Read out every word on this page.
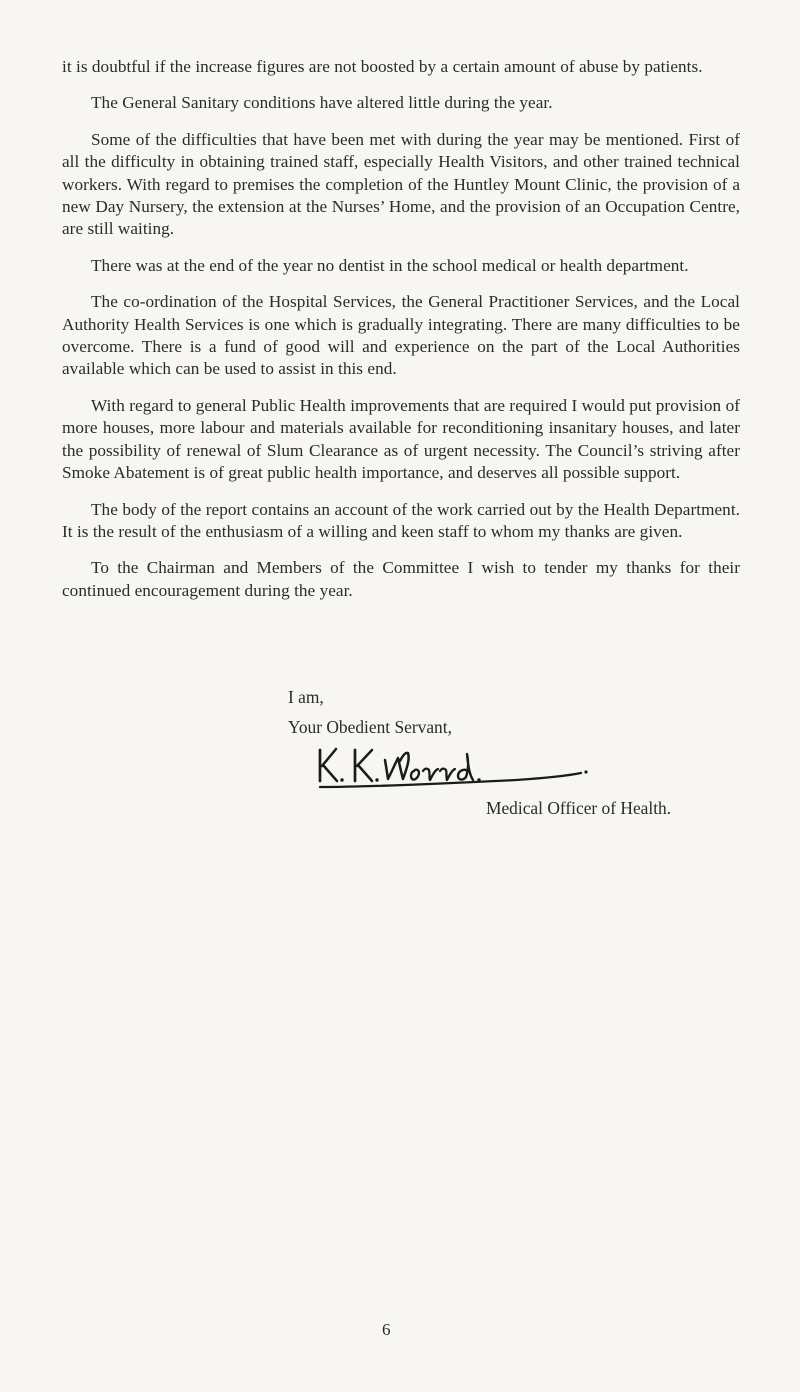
it is doubtful if the increase figures are not boosted by a certain amount of abuse by patients.

The General Sanitary conditions have altered little during the year.

Some of the difficulties that have been met with during the year may be mentioned. First of all the difficulty in obtaining trained staff, especially Health Visitors, and other trained technical workers. With regard to premises the completion of the Huntley Mount Clinic, the provision of a new Day Nursery, the extension at the Nurses’ Home, and the provision of an Occupation Centre, are still waiting.

There was at the end of the year no dentist in the school medical or health department.

The co-ordination of the Hospital Services, the General Practitioner Services, and the Local Authority Health Services is one which is gradually integrating. There are many difficulties to be overcome. There is a fund of good will and experience on the part of the Local Authorities available which can be used to assist in this end.

With regard to general Public Health improvements that are required I would put provision of more houses, more labour and materials available for reconditioning insanitary houses, and later the possibility of renewal of Slum Clearance as of urgent necessity. The Council’s striving after Smoke Abatement is of great public health importance, and deserves all possible support.

The body of the report contains an account of the work carried out by the Health Department. It is the result of the enthusiasm of a willing and keen staff to whom my thanks are given.

To the Chairman and Members of the Committee I wish to tender my thanks for their continued encouragement during the year.

I am,
Your Obedient Servant,
Medical Officer of Health.
6
